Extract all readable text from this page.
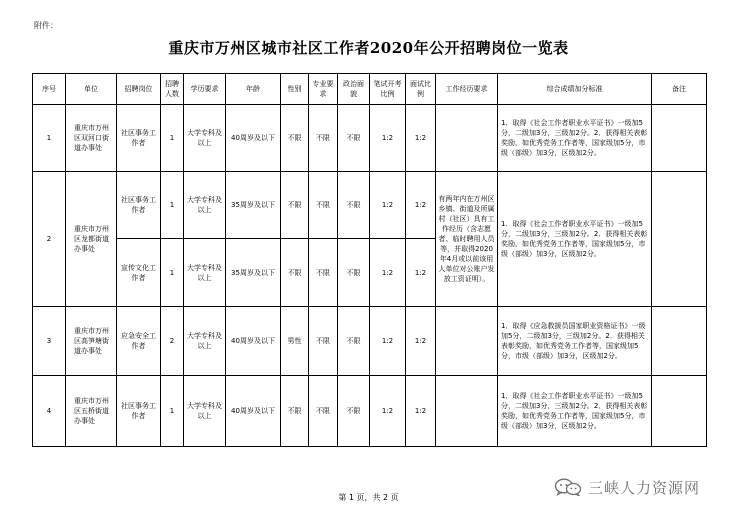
附件：
重庆市万州区城市社区工作者2020年公开招聘岗位一览表
序号	单位	招聘岗位	招聘人数	学历要求	年龄	性别	专业要求	政治面貌	笔试开考比例	面试比例	工作经历要求	综合成绩加分标准	备注
1	重庆市万州区双河口街道办事处	社区事务工作者	1	大学专科及以上	40周岁及以下	不限	不限	不限	1:2	1:2		1．取得《社会工作者职业水平证书》一级加5分，二级加3分，三级加2分。2．获得相关表彰奖励，如优秀党务工作者等，国家级加5分，市级（部级）加3分，区级加2分。	
2	重庆市万州区龙都街道办事处	社区事务工作者	1	大学专科及以上	35周岁及以下	不限	不限	不限	1:2	1:2	有两年内在万州区乡镇、街道及所属村（社区）具有工作经历（含志愿者、临时聘用人员等，并取得2020年4月或以前该用人单位对公账户发放工资证明）。	1．取得《社会工作者职业水平证书》一级加5分，二级加3分，三级加2分。2．获得相关表彰奖励，如优秀党务工作者等，国家级加5分，市级（部级）加3分，区级加2分。	
		宣传文化工作者	1	大学专科及以上	35周岁及以下	不限	不限	不限	1:2	1:2			
3	重庆市万州区高笋塘街道办事处	应急安全工作者	2	大学专科及以上	40周岁及以下	男性	不限	不限	1:2	1:2		1．取得《应急救援员国家职业资格证书》一级加5分，二级加3分，三级加2分。2．获得相关表彰奖励，如优秀党务工作者等，国家级加5分，市级（部级）加3分，区级加2分。	
4	重庆市万州区五桥街道办事处	社区事务工作者	1	大学专科及以上	40周岁及以下	不限	不限	不限	1:2	1:2		1．取得《社会工作者职业水平证书》一级加5分，二级加3分，三级加2分。2．获得相关表彰奖励，如优秀党务工作者等，国家级加5分，市级（部级）加3分，区级加2分。	
三峡人力资源网
第 1 页，共 2 页
